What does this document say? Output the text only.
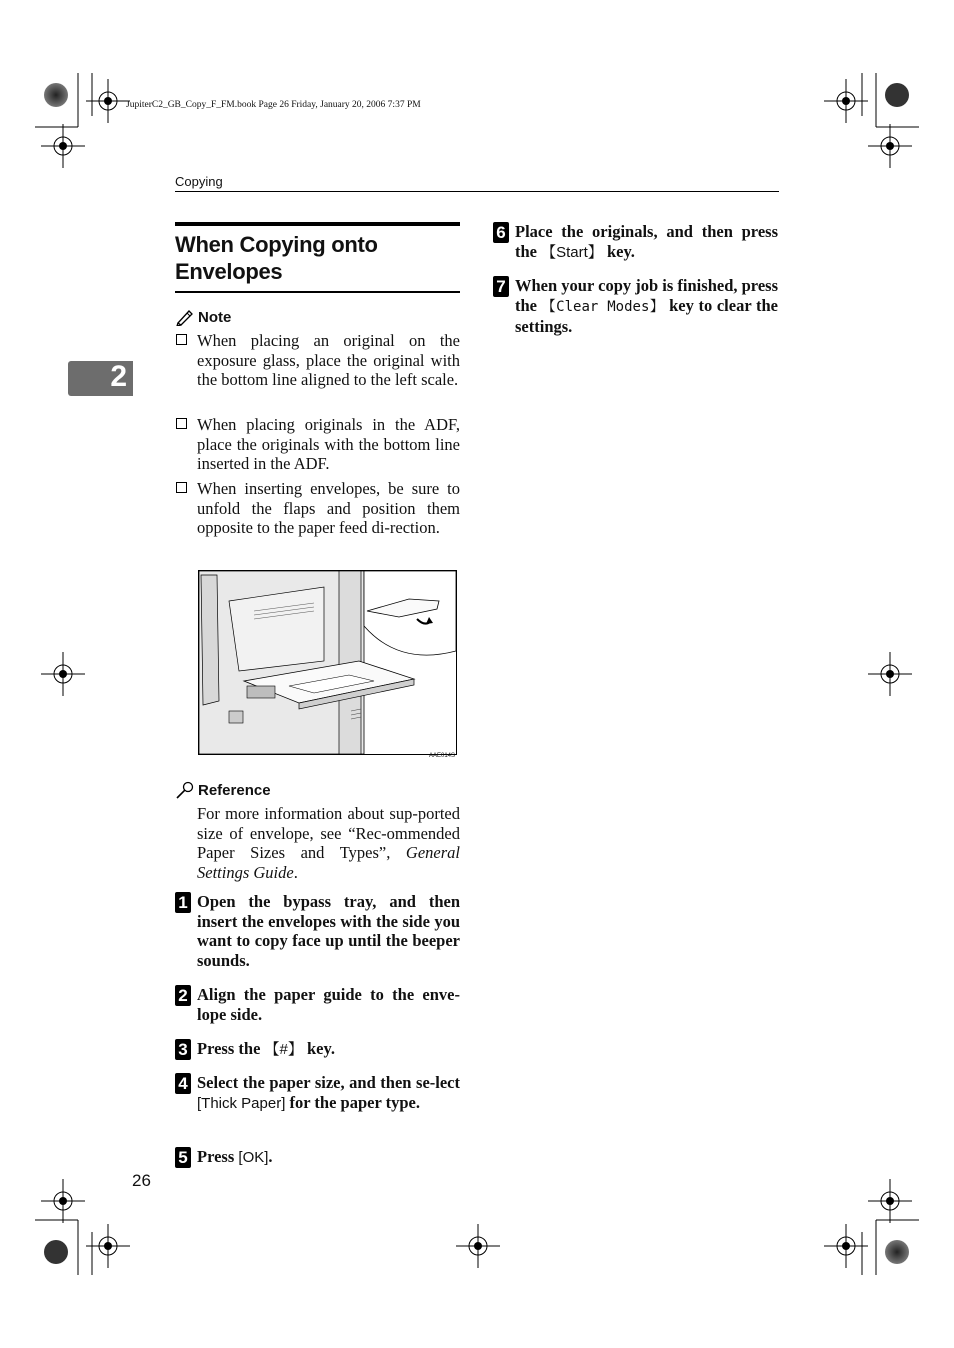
JupiterC2_GB_Copy_F_FM.book Page 26 Friday, January 20, 2006 7:37 PM
Copying
2
When Copying onto
Envelopes
Note
When placing an original on the exposure glass, place the original with the bottom line aligned to the left scale.
When placing originals in the ADF, place the originals with the bottom line inserted in the ADF.
When inserting envelopes, be sure to unfold the flaps and position them opposite to the paper feed di-rection.
AAE014S
Reference
For more information about sup-ported size of envelope, see “Rec-ommended Paper Sizes and Types”, General Settings Guide.
1 Open the bypass tray, and then insert the envelopes with the side you want to copy face up until the beeper sounds.
2 Align the paper guide to the enve-lope side.
3 Press the 【#】 key.
4 Select the paper size, and then se-lect [Thick Paper] for the paper type.
5 Press [OK].
6 Place the originals, and then press the 【Start】 key.
7 When your copy job is finished, press the 【Clear Modes】 key to clear the settings.
26
